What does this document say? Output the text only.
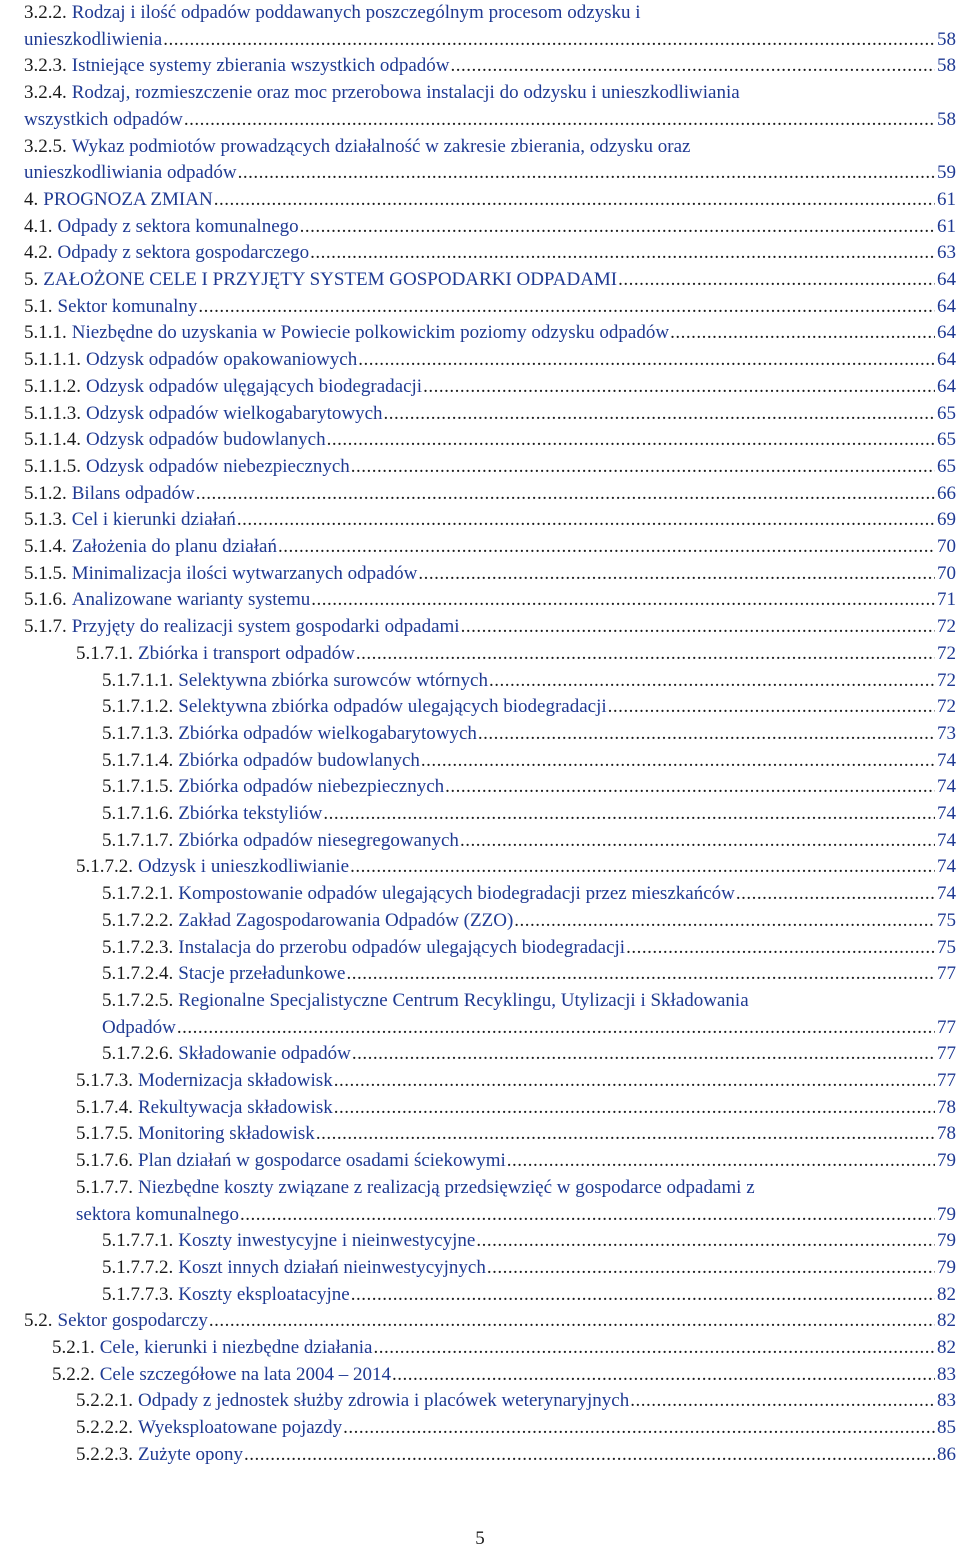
3.2.2. Rodzaj i ilość odpadów poddawanych poszczególnym procesom odzysku i
unieszkodliwienia .....	58
3.2.3. Istniejące systemy zbierania wszystkich odpadów .....	58
3.2.4. Rodzaj, rozmieszczenie oraz moc przerobowa instalacji do odzysku i unieszkodliwiania
wszystkich odpadów .....	58
3.2.5. Wykaz podmiotów prowadzących działalność w zakresie zbierania, odzysku oraz
unieszkodliwiania odpadów .....	59
4. PROGNOZA ZMIAN .....	61
4.1. Odpady z sektora komunalnego .....	61
4.2. Odpady z sektora gospodarczego .....	63
5. ZAŁOŻONE CELE I PRZYJĘTY SYSTEM GOSPODARKI ODPADAMI .....	64
5.1. Sektor komunalny .....	64
5.1.1. Niezbędne do uzyskania w Powiecie polkowickim poziomy odzysku odpadów .....	64
5.1.1.1. Odzysk odpadów opakowaniowych .....	64
5.1.1.2. Odzysk odpadów ulęgających biodegradacji .....	64
5.1.1.3. Odzysk odpadów wielkogabarytowych .....	65
5.1.1.4. Odzysk odpadów budowlanych .....	65
5.1.1.5. Odzysk odpadów niebezpiecznych .....	65
5.1.2. Bilans odpadów .....	66
5.1.3. Cel i kierunki działań .....	69
5.1.4. Założenia do planu działań .....	70
5.1.5. Minimalizacja ilości wytwarzanych odpadów .....	70
5.1.6. Analizowane warianty systemu .....	71
5.1.7. Przyjęty do realizacji system gospodarki odpadami .....	72
5.1.7.1. Zbiórka i transport odpadów .....	72
5.1.7.1.1. Selektywna zbiórka surowców wtórnych .....	72
5.1.7.1.2. Selektywna zbiórka odpadów ulegających biodegradacji .....	72
5.1.7.1.3. Zbiórka odpadów wielkogabarytowych .....	73
5.1.7.1.4. Zbiórka odpadów budowlanych .....	74
5.1.7.1.5. Zbiórka odpadów niebezpiecznych .....	74
5.1.7.1.6. Zbiórka tekstyliów .....	74
5.1.7.1.7. Zbiórka odpadów niesegregowanych .....	74
5.1.7.2. Odzysk i unieszkodliwianie .....	74
5.1.7.2.1. Kompostowanie odpadów ulegających biodegradacji przez mieszkańców .....	74
5.1.7.2.2. Zakład Zagospodarowania Odpadów (ZZO) .....	75
5.1.7.2.3. Instalacja do przerobu odpadów ulegających biodegradacji .....	75
5.1.7.2.4. Stacje przeładunkowe .....	77
5.1.7.2.5. Regionalne Specjalistyczne Centrum Recyklingu, Utylizacji i Składowania
Odpadów .....	77
5.1.7.2.6. Składowanie odpadów .....	77
5.1.7.3. Modernizacja składowisk .....	77
5.1.7.4. Rekultywacja składowisk .....	78
5.1.7.5. Monitoring składowisk .....	78
5.1.7.6. Plan działań w gospodarce osadami ściekowymi .....	79
5.1.7.7. Niezbędne koszty związane z realizacją przedsięwzięć w gospodarce odpadami z
sektora komunalnego .....	79
5.1.7.7.1. Koszty inwestycyjne i nieinwestycyjne .....	79
5.1.7.7.2. Koszt innych działań nieinwestycyjnych .....	79
5.1.7.7.3. Koszty eksploatacyjne .....	82
5.2. Sektor gospodarczy .....	82
5.2.1. Cele, kierunki i niezbędne działania .....	82
5.2.2. Cele szczegółowe na lata 2004 – 2014 .....	83
5.2.2.1. Odpady z jednostek służby zdrowia i placówek weterynaryjnych .....	83
5.2.2.2. Wyeksploatowane pojazdy .....	85
5.2.2.3. Zużyte opony .....	86
5
